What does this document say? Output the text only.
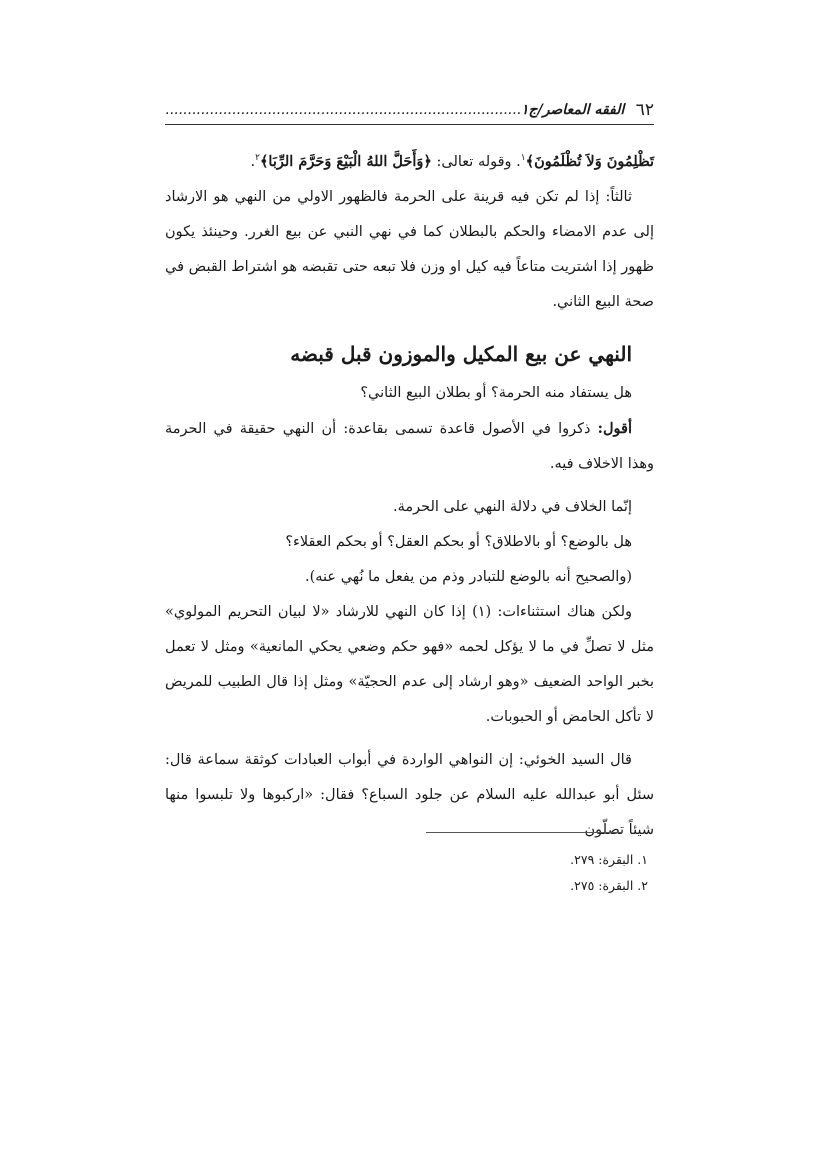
٦٢
الفقه المعاصر/ج١................................................................................

تَظْلِمُونَ وَلاَ تُظْلَمُونَ﴾$^١$. وقوله تعالى: ﴿وَأَحَلَّ اللهُ الْبَيْعَ وَحَرَّمَ الرِّبَا﴾$^٢$.

ثالثاً: إذا لم تكن فيه قرينة على الحرمة فالظهور الاولي من النهي هو الارشاد إلى عدم الامضاء والحكم بالبطلان كما في نهي النبي عن بيع الغرر. وحينئذ يكون ظهور إذا اشتريت متاعاً فيه كيل او وزن فلا تبعه حتى تقبضه هو اشتراط القبض في صحة البيع الثاني.

النهي عن بيع المكيل والموزون قبل قبضه

هل يستفاد منه الحرمة؟ أو بطلان البيع الثاني؟

أقول: ذكروا في الأصول قاعدة تسمى بقاعدة: أن النهي حقيقة في الحرمة وهذا الاخلاف فيه.

إنّما الخلاف في دلالة النهي على الحرمة.

هل بالوضع؟ أو بالاطلاق؟ أو بحكم العقل؟ أو بحكم العقلاء؟

(والصحيح أنه بالوضع للتبادر وذم من يفعل ما نُهي عنه).

ولكن هناك استثناءات: (١) إذا كان النهي للارشاد «لا لبيان التحريم المولوي» مثل لا تصلِّ في ما لا يؤكل لحمه «فهو حكم وضعي يحكي المانعية» ومثل لا تعمل بخبر الواحد الضعيف «وهو ارشاد إلى عدم الحجيّة» ومثل إذا قال الطبيب للمريض لا تأكل الحامض أو الحبوبات.

قال السيد الخوئي: إن النواهي الواردة في أبواب العبادات كوثقة سماعة قال: سئل أبو عبدالله عليه السلام عن جلود السباع؟ فقال: «اركبوها ولا تلبسوا منها شيئاً تصلّون

١. البقرة: ٢٧٩.

٢. البقرة: ٢٧٥.
